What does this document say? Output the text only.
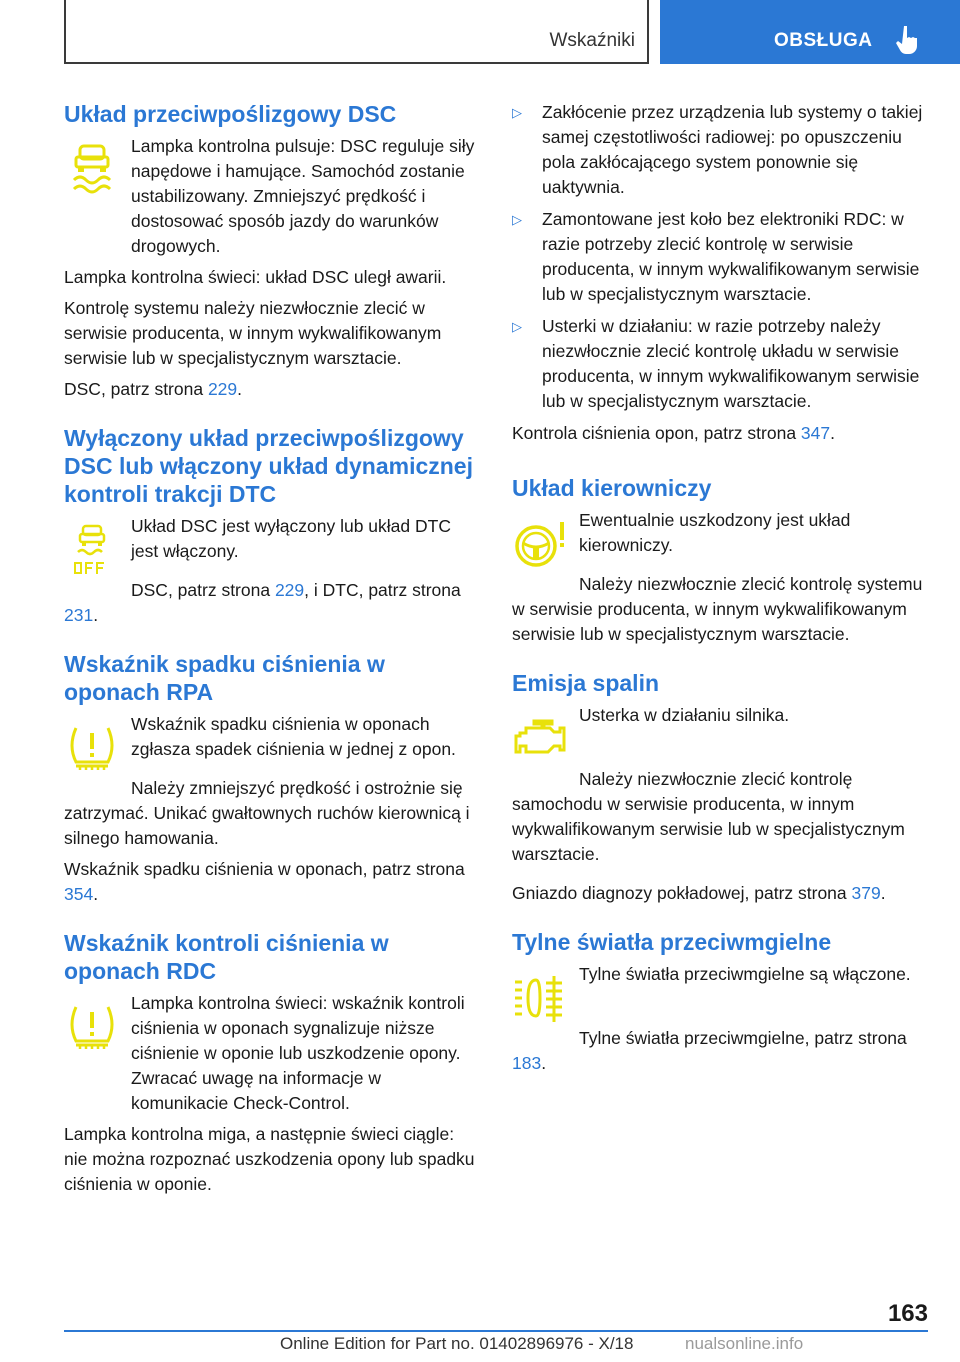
Wskaźniki	OBSŁUGA
Układ przeciwpoślizgowy DSC

Lampka kontrolna pulsuje: DSC reguluje siły napędowe i hamujące. Samochód zostanie ustabilizowany. Zmniejszyć prędkość i dostosować sposób jazdy do warunków drogowych.

Lampka kontrolna świeci: układ DSC uległ awarii.

Kontrolę systemu należy niezwłocznie zlecić w serwisie producenta, w innym wykwalifikowanym serwisie lub w specjalistycznym warsztacie.

DSC, patrz strona 229.

Wyłączony układ przeciwpoślizgowy DSC lub włączony układ dynamicznej kontroli trakcji DTC

Układ DSC jest wyłączony lub układ DTC jest włączony.

DSC, patrz strona 229, i DTC, patrz strona 231.

Wskaźnik spadku ciśnienia w oponach RPA

Wskaźnik spadku ciśnienia w oponach zgłasza spadek ciśnienia w jednej z opon.

Należy zmniejszyć prędkość i ostrożnie się zatrzymać. Unikać gwałtownych ruchów kierownicą i silnego hamowania.

Wskaźnik spadku ciśnienia w oponach, patrz strona 354.

Wskaźnik kontroli ciśnienia w oponach RDC

Lampka kontrolna świeci: wskaźnik kontroli ciśnienia w oponach sygnalizuje niższe ciśnienie w oponie lub uszkodzenie opony. Zwracać uwagę na informacje w komunikacie Check-Control.

Lampka kontrolna miga, a następnie świeci ciągle: nie można rozpoznać uszkodzenia opony lub spadku ciśnienia w oponie.

▷ Zakłócenie przez urządzenia lub systemy o takiej samej częstotliwości radiowej: po opuszczeniu pola zakłócającego system ponownie się uaktywnia.
▷ Zamontowane jest koło bez elektroniki RDC: w razie potrzeby zlecić kontrolę w serwisie producenta, w innym wykwalifikowanym serwisie lub w specjalistycznym warsztacie.
▷ Usterki w działaniu: w razie potrzeby należy niezwłocznie zlecić kontrolę układu w serwisie producenta, w innym wykwalifikowanym serwisie lub w specjalistycznym warsztacie.

Kontrola ciśnienia opon, patrz strona 347.

Układ kierowniczy

Ewentualnie uszkodzony jest układ kierowniczy.

Należy niezwłocznie zlecić kontrolę systemu w serwisie producenta, w innym wykwalifikowanym serwisie lub w specjalistycznym warsztacie.

Emisja spalin

Usterka w działaniu silnika.

Należy niezwłocznie zlecić kontrolę samochodu w serwisie producenta, w innym wykwalifikowanym serwisie lub w specjalistycznym warsztacie.

Gniazdo diagnozy pokładowej, patrz strona 379.

Tylne światła przeciwmgielne

Tylne światła przeciwmgielne są włączone.

Tylne światła przeciwmgielne, patrz strona 183.

163
Online Edition for Part no. 01402896976 - X/18	nualsonline.info
